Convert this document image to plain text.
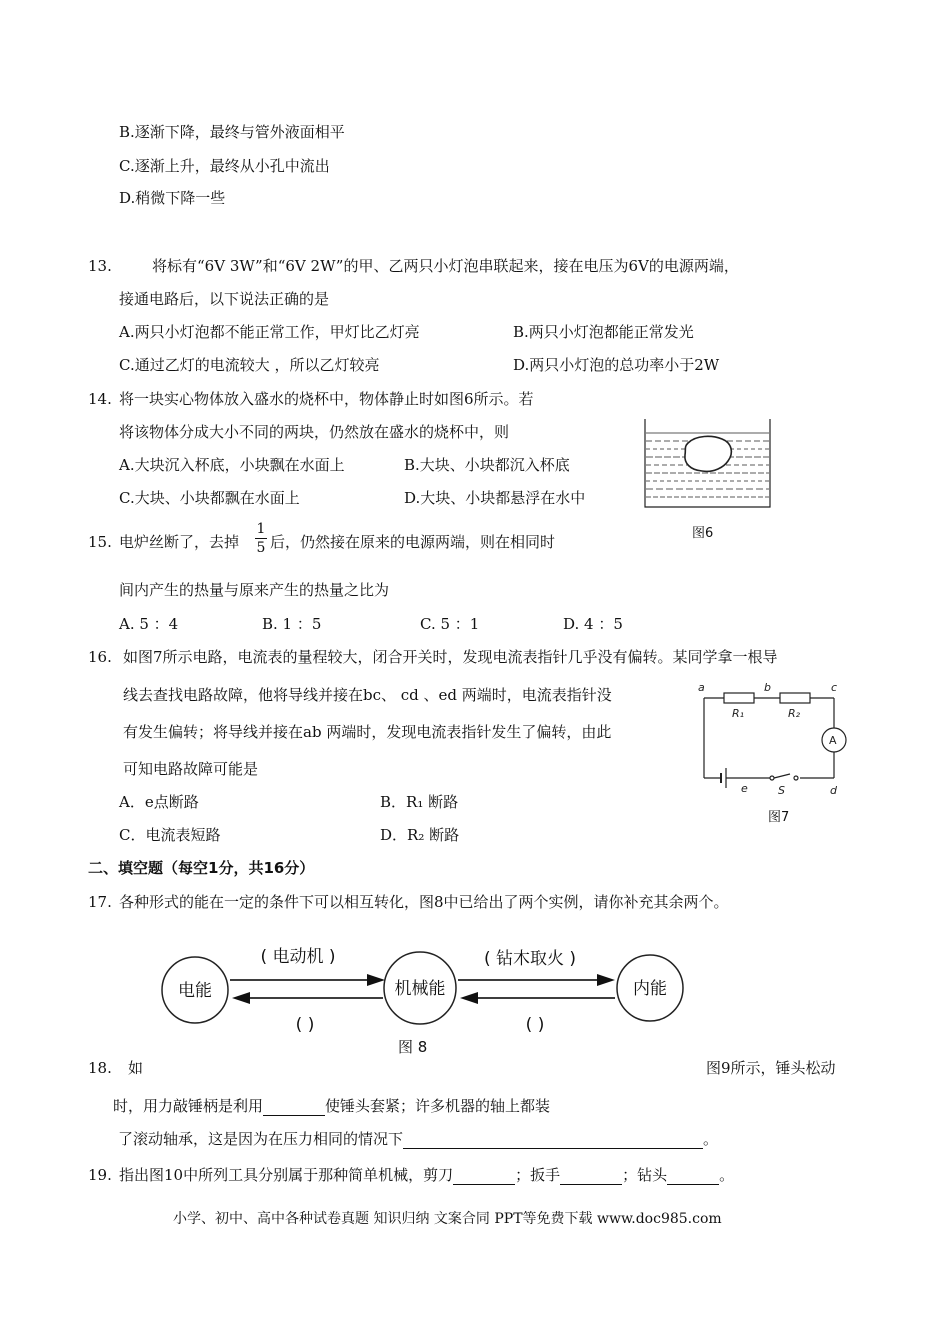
B.逐渐下降，最终与管外液面相平
C.逐渐上升，最终从小孔中流出
D.稍微下降一些
13.	将标有“6V 3W”和“6V 2W”的甲、乙两只小灯泡串联起来，接在电压为6V的电源两端，
接通电路后，以下说法正确的是
A.两只小灯泡都不能正常工作，甲灯比乙灯亮	B.两只小灯泡都能正常发光
C.通过乙灯的电流较大 ，所以乙灯较亮	D.两只小灯泡的总功率小于2W
14. 将一块实心物体放入盛水的烧杯中，物体静止时如图6所示。若
将该物体分成大小不同的两块，仍然放在盛水的烧杯中，则
A.大块沉入杯底，小块飘在水面上	B.大块、小块都沉入杯底
C.大块、小块都飘在水面上	D.大块、小块都悬浮在水中
图6
15. 电炉丝断了，去掉
1
5 后，仍然接在原来的电源两端，则在相同时
间内产生的热量与原来产生的热量之比为
A. 5 ：4	B. 1 ：5	C. 5 ：1	D. 4 ：5
16. 如图7所示电路，电流表的量程较大，闭合开关时，发现电流表指针几乎没有偏转。某同学拿一根导
线去查找电路故障，他将导线并接在bc、 cd 、ed 两端时，电流表指针没
有发生偏转；将导线并接在ab 两端时，发现电流表指针发生了偏转，由此
可知电路故障可能是
A．e点断路	B．R₁ 断路
C．电流表短路	D．R₂ 断路
a	b	c
d
e	S
R₁	R₂
A
图7
二、填空题（每空1分，共16分）
17. 各种形式的能在一定的条件下可以相互转化，图8中已给出了两个实例，请你补充其余两个。
电能	机械能	内能
( 电动机 )	( 钻木取火 )
( )	( )
图 8
18. 如	图9所示，锤头松动
时，用力敲锤柄是利用	使锤头套紧；许多机器的轴上都装
了滚动轴承，这是因为在压力相同的情况下	。
19. 指出图10中所列工具分别属于那种简单机械，剪刀	；扳手	；钻头	。
小学、初中、高中各种试卷真题 知识归纳 文案合同 PPT等免费下载 www.doc985.com
